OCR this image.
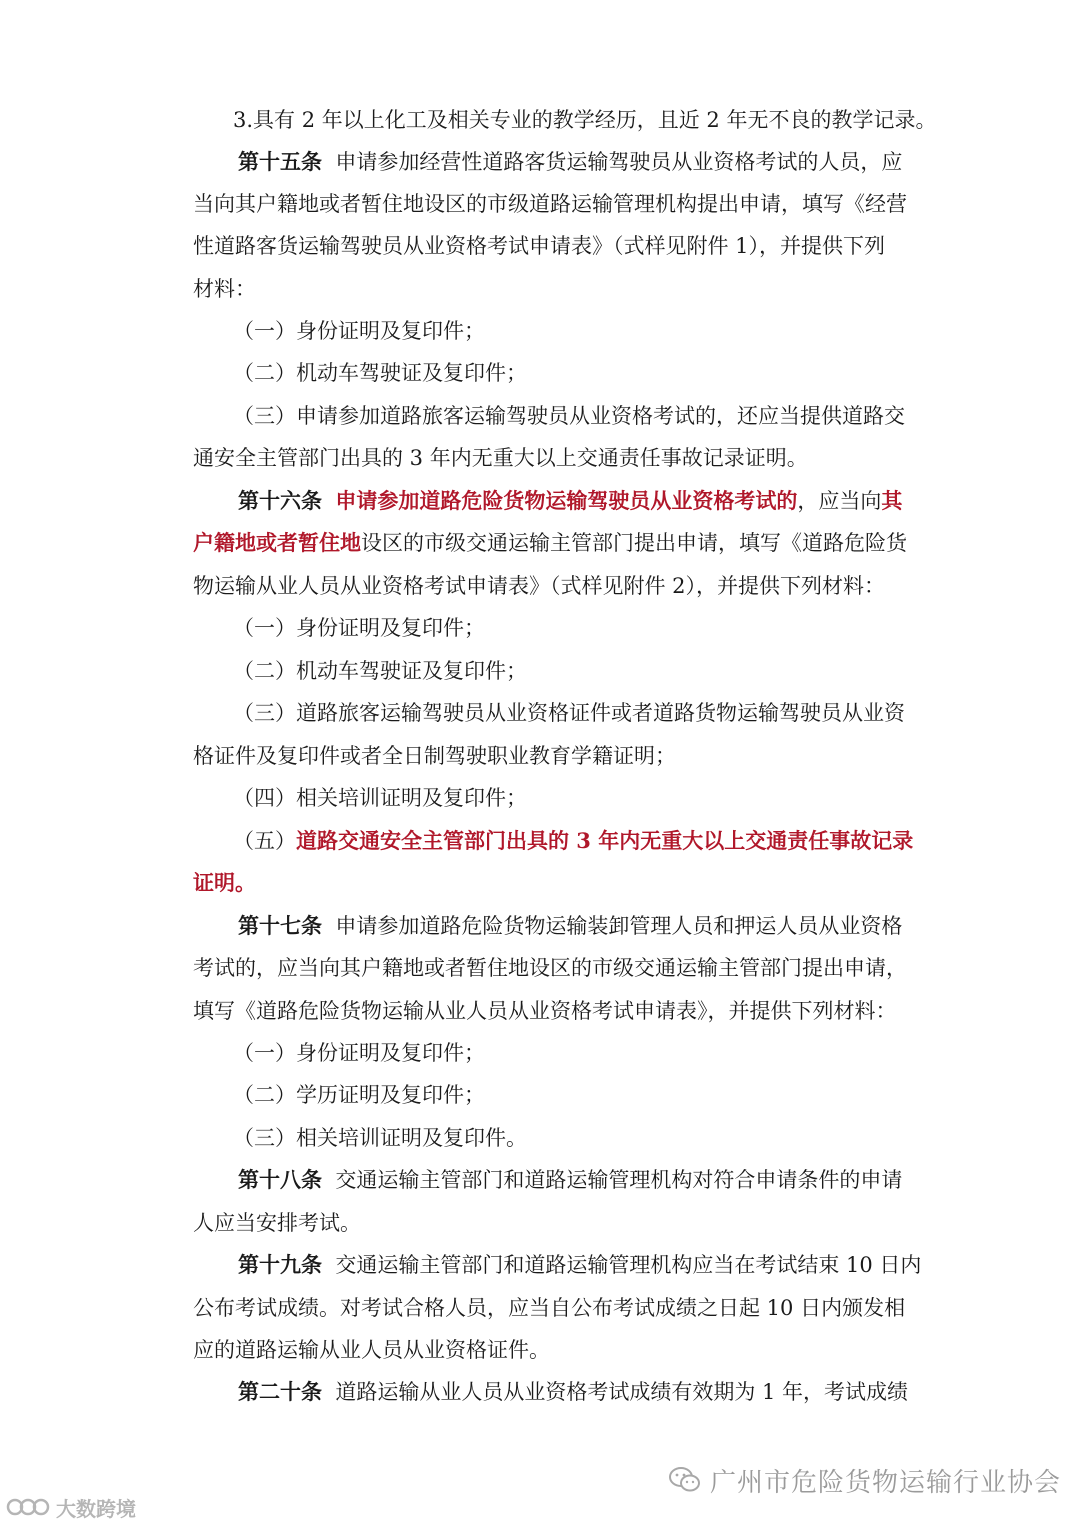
3.具有 2 年以上化工及相关专业的教学经历，且近 2 年无不良的教学记录。
第十五条  申请参加经营性道路客货运输驾驶员从业资格考试的人员，应
当向其户籍地或者暂住地设区的市级道路运输管理机构提出申请，填写《经营
性道路客货运输驾驶员从业资格考试申请表》（式样见附件 1），并提供下列
材料：
（一）身份证明及复印件；
（二）机动车驾驶证及复印件；
（三）申请参加道路旅客运输驾驶员从业资格考试的，还应当提供道路交
通安全主管部门出具的 3 年内无重大以上交通责任事故记录证明。
第十六条 申请参加道路危险货物运输驾驶员从业资格考试的，应当向其
户籍地或者暂住地设区的市级交通运输主管部门提出申请，填写《道路危险货
物运输从业人员从业资格考试申请表》（式样见附件 2），并提供下列材料：
（一）身份证明及复印件；
（二）机动车驾驶证及复印件；
（三）道路旅客运输驾驶员从业资格证件或者道路货物运输驾驶员从业资
格证件及复印件或者全日制驾驶职业教育学籍证明；
（四）相关培训证明及复印件；
（五）道路交通安全主管部门出具的 3 年内无重大以上交通责任事故记录
证明。
第十七条  申请参加道路危险货物运输装卸管理人员和押运人员从业资格
考试的，应当向其户籍地或者暂住地设区的市级交通运输主管部门提出申请，
填写《道路危险货物运输从业人员从业资格考试申请表》，并提供下列材料：
（一）身份证明及复印件；
（二）学历证明及复印件；
（三）相关培训证明及复印件。
第十八条  交通运输主管部门和道路运输管理机构对符合申请条件的申请
人应当安排考试。
第十九条  交通运输主管部门和道路运输管理机构应当在考试结束 10 日内
公布考试成绩。对考试合格人员，应当自公布考试成绩之日起 10 日内颁发相
应的道路运输从业人员从业资格证件。
第二十条  道路运输从业人员从业资格考试成绩有效期为 1 年，考试成绩
广州市危险货物运输行业协会
大数跨境
